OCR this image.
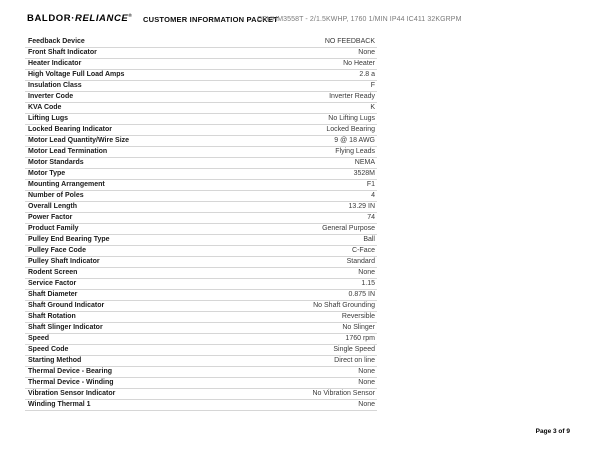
BALDOR·RELIANCE® CUSTOMER INFORMATION PACKET
CEUHM3558T - 2/1.5KWHP, 1760 1/MIN IP44 IC411 32KGRPM
Feedback Device	NO FEEDBACK
Front Shaft Indicator	None
Heater Indicator	No Heater
High Voltage Full Load Amps	2.8 a
Insulation Class	F
Inverter Code	Inverter Ready
KVA Code	K
Lifting Lugs	No Lifting Lugs
Locked Bearing Indicator	Locked Bearing
Motor Lead Quantity/Wire Size	9 @ 18 AWG
Motor Lead Termination	Flying Leads
Motor Standards	NEMA
Motor Type	3528M
Mounting Arrangement	F1
Number of Poles	4
Overall Length	13.29 IN
Power Factor	74
Product Family	General Purpose
Pulley End Bearing Type	Ball
Pulley Face Code	C-Face
Pulley Shaft Indicator	Standard
Rodent Screen	None
Service Factor	1.15
Shaft Diameter	0.875 IN
Shaft Ground Indicator	No Shaft Grounding
Shaft Rotation	Reversible
Shaft Slinger Indicator	No Slinger
Speed	1760 rpm
Speed Code	Single Speed
Starting Method	Direct on line
Thermal Device - Bearing	None
Thermal Device - Winding	None
Vibration Sensor Indicator	No Vibration Sensor
Winding Thermal 1	None
Page 3 of 9
